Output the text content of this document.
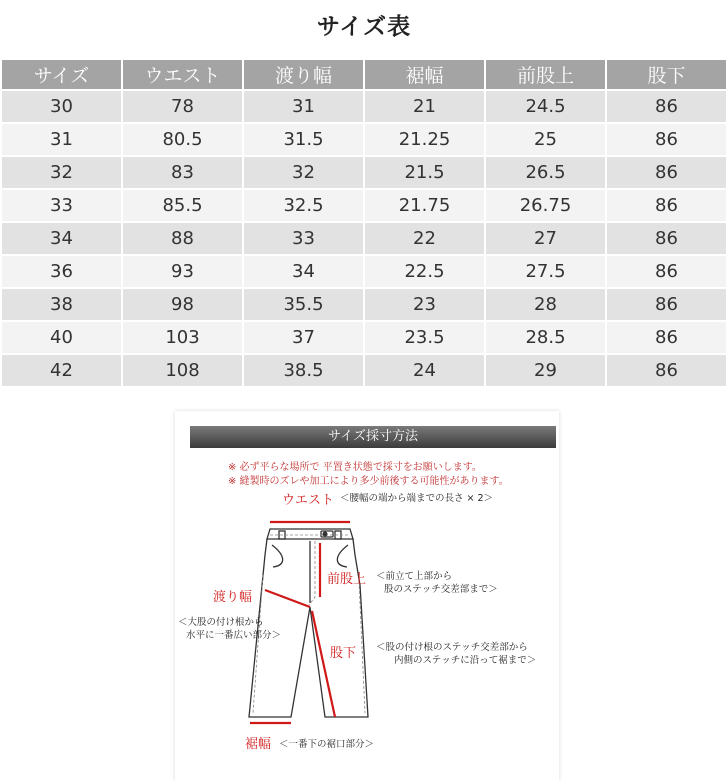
サイズ表
サイズ	ウエスト	渡り幅	裾幅	前股上	股下
30	78	31	21	24.5	86
31	80.5	31.5	21.25	25	86
32	83	32	21.5	26.5	86
33	85.5	32.5	21.75	26.75	86
34	88	33	22	27	86
36	93	34	22.5	27.5	86
38	98	35.5	23	28	86
40	103	37	23.5	28.5	86
42	108	38.5	24	29	86
サイズ採寸方法
※ 必ず平らな場所で 平置き状態で採寸をお願いします。
※ 縫製時のズレや加工により多少前後する可能性があります。
ウエスト ＜腰幅の端から端までの長さ × 2＞
前股上 ＜前立て上部から
股のステッチ交差部まで＞
渡り幅
＜大股の付け根から
水平に一番広い部分＞
股下 ＜股の付け根のステッチ交差部から
内側のステッチに沿って裾まで＞
裾幅 ＜一番下の裾口部分＞
